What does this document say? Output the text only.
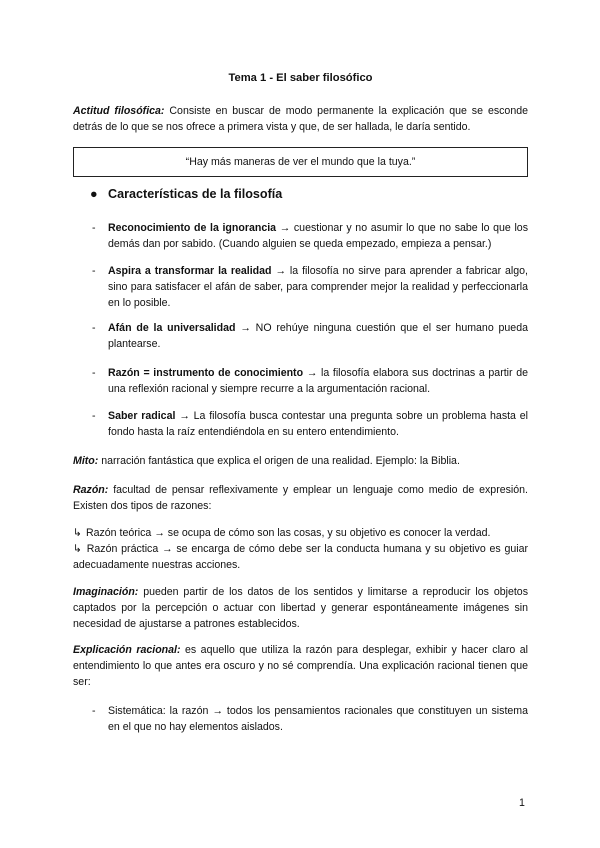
Tema 1 - El saber filosófico
Actitud filosófica: Consiste en buscar de modo permanente la explicación que se esconde detrás de lo que se nos ofrece a primera vista y que, de ser hallada, le daría sentido.
“Hay más maneras de ver el mundo que la tuya.”
● Características de la filosofía
- Reconocimiento de la ignorancia → cuestionar y no asumir lo que no sabe lo que los demás dan por sabido. (Cuando alguien se queda empezado, empieza a pensar.)
- Aspira a transformar la realidad → la filosofía no sirve para aprender a fabricar algo, sino para satisfacer el afán de saber, para comprender mejor la realidad y perfeccionarla en lo posible.
- Afán de la universalidad → NO rehúye ninguna cuestión que el ser humano pueda plantearse.
- Razón = instrumento de conocimiento → la filosofía elabora sus doctrinas a partir de una reflexión racional y siempre recurre a la argumentación racional.
- Saber radical → La filosofía busca contestar una pregunta sobre un problema hasta el fondo hasta la raíz entendiéndola en su entero entendimiento.
Mito: narración fantástica que explica el origen de una realidad. Ejemplo: la Biblia.
Razón: facultad de pensar reflexivamente y emplear un lenguaje como medio de expresión. Existen dos tipos de razones:
↳ Razón teórica → se ocupa de cómo son las cosas, y su objetivo es conocer la verdad.
↳ Razón práctica → se encarga de cómo debe ser la conducta humana y su objetivo es guiar adecuadamente nuestras acciones.
Imaginación: pueden partir de los datos de los sentidos y limitarse a reproducir los objetos captados por la percepción o actuar con libertad y generar espontáneamente imágenes sin necesidad de ajustarse a patrones establecidos.
Explicación racional: es aquello que utiliza la razón para desplegar, exhibir y hacer claro al entendimiento lo que antes era oscuro y no sé comprendía. Una explicación racional tienen que ser:
- Sistemática: la razón → todos los pensamientos racionales que constituyen un sistema en el que no hay elementos aislados.
1
